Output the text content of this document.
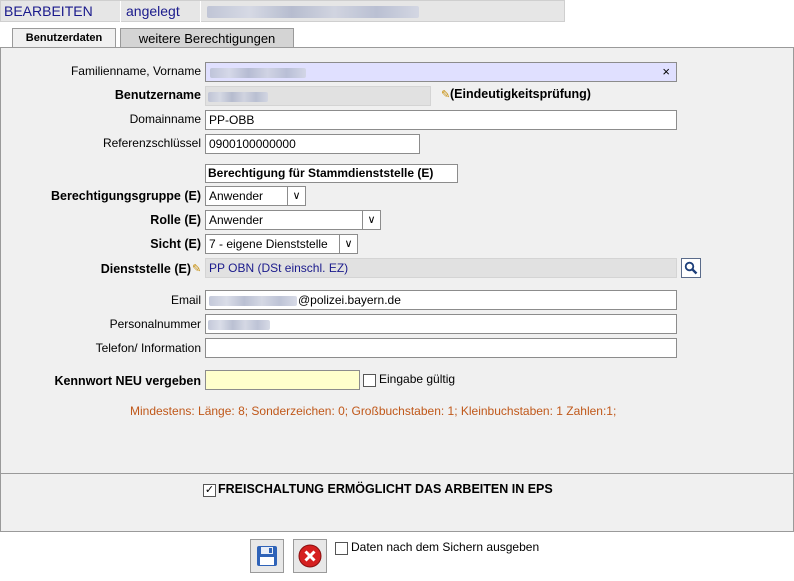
BEARBEITEN angelegt
Benutzerdaten	weitere Berechtigungen
Familienname, Vorname	×
Benutzername	✎ (Eindeutigkeitsprüfung)
Domainname PP-OBB
Referenzschlüssel 0900100000000
Berechtigung für Stammdienststelle (E)
Berechtigungsgruppe (E) Anwender	∨
Rolle (E) Anwender	∨
Sicht (E) 7 - eigene Dienststelle	∨
Dienststelle (E) ✎ PP OBN (DSt einschl. EZ)
Email	@polizei.bayern.de
Personalnummer
Telefon/ Information
Kennwort NEU vergeben	Eingabe gültig
Mindestens: Länge: 8; Sonderzeichen: 0; Großbuchstaben: 1; Kleinbuchstaben: 1 Zahlen:1;
✓ FREISCHALTUNG ERMÖGLICHT DAS ARBEITEN IN EPS
Daten nach dem Sichern ausgeben
